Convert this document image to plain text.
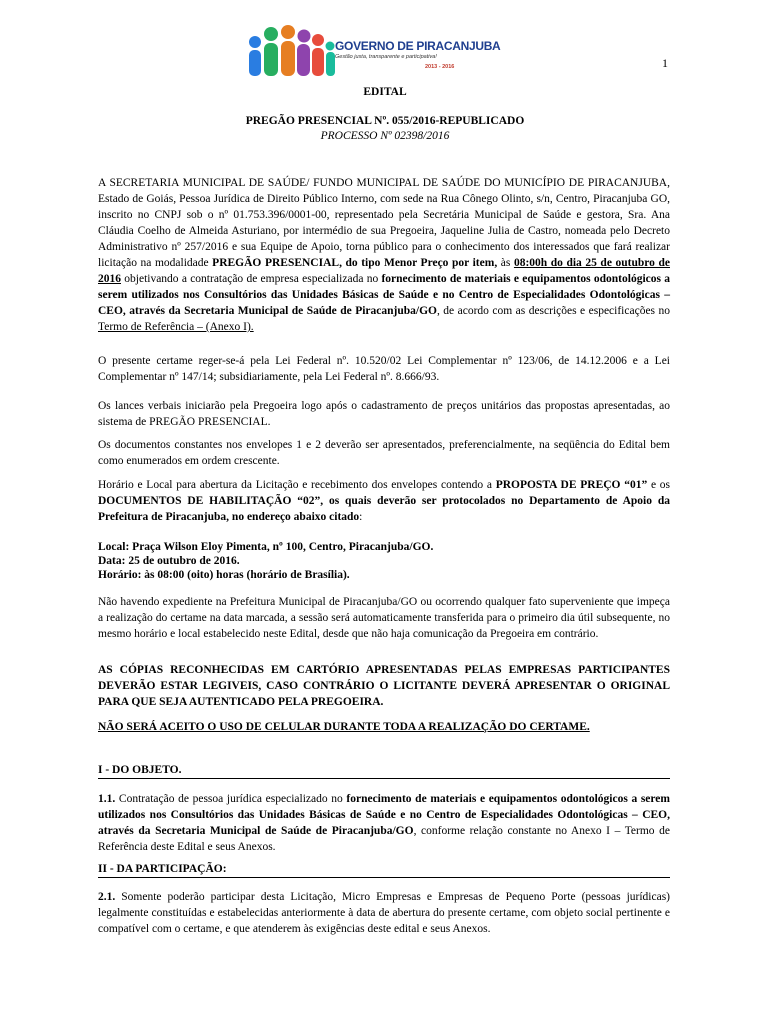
GOVERNO DE PIRACANJUBA
Gestão justa, transparente e participativa!
2013 - 2016	1
EDITAL
PREGÃO PRESENCIAL Nº. 055/2016-REPUBLICADO
PROCESSO Nº 02398/2016
A SECRETARIA MUNICIPAL DE SAÚDE/ FUNDO MUNICIPAL DE SAÚDE DO MUNICÍPIO DE PIRACANJUBA, Estado de Goiás, Pessoa Jurídica de Direito Público Interno, com sede na Rua Cônego Olinto, s/n, Centro, Piracanjuba GO, inscrito no CNPJ sob o nº 01.753.396/0001-00, representado pela Secretária Municipal de Saúde e gestora, Sra. Ana Cláudia Coelho de Almeida Asturiano, por intermédio de sua Pregoeira, Jaqueline Julia de Castro, nomeada pelo Decreto Administrativo nº 257/2016 e sua Equipe de Apoio, torna público para o conhecimento dos interessados que fará realizar licitação na modalidade PREGÃO PRESENCIAL, do tipo Menor Preço por item, às 08:00h do dia 25 de outubro de 2016 objetivando a contratação de empresa especializada no fornecimento de materiais e equipamentos odontológicos a serem utilizados nos Consultórios das Unidades Básicas de Saúde e no Centro de Especialidades Odontológicas – CEO, através da Secretaria Municipal de Saúde de Piracanjuba/GO, de acordo com as descrições e especificações no Termo de Referência – (Anexo I).
O presente certame reger-se-á pela Lei Federal nº. 10.520/02 Lei Complementar nº 123/06, de 14.12.2006 e a Lei Complementar nº 147/14; subsidiariamente, pela Lei Federal nº. 8.666/93.
Os lances verbais iniciarão pela Pregoeira logo após o cadastramento de preços unitários das propostas apresentadas, ao sistema de PREGÃO PRESENCIAL.
Os documentos constantes nos envelopes 1 e 2 deverão ser apresentados, preferencialmente, na seqüência do Edital bem como enumerados em ordem crescente.
Horário e Local para abertura da Licitação e recebimento dos envelopes contendo a PROPOSTA DE PREÇO “01” e os DOCUMENTOS DE HABILITAÇÃO “02”, os quais deverão ser protocolados no Departamento de Apoio da Prefeitura de Piracanjuba, no endereço abaixo citado:
Local: Praça Wilson Eloy Pimenta, nº 100, Centro, Piracanjuba/GO.
Data: 25 de outubro de 2016.
Horário: às 08:00 (oito) horas (horário de Brasília).
Não havendo expediente na Prefeitura Municipal de Piracanjuba/GO ou ocorrendo qualquer fato superveniente que impeça a realização do certame na data marcada, a sessão será automaticamente transferida para o primeiro dia útil subsequente, no mesmo horário e local estabelecido neste Edital, desde que não haja comunicação da Pregoeira em contrário.
AS CÓPIAS RECONHECIDAS EM CARTÓRIO APRESENTADAS PELAS EMPRESAS PARTICIPANTES DEVERÃO ESTAR LEGIVEIS, CASO CONTRÁRIO O LICITANTE DEVERÁ APRESENTAR O ORIGINAL PARA QUE SEJA AUTENTICADO PELA PREGOEIRA.
NÃO SERÁ ACEITO O USO DE CELULAR DURANTE TODA A REALIZAÇÃO DO CERTAME.
I - DO OBJETO.
1.1. Contratação de pessoa jurídica especializado no fornecimento de materiais e equipamentos odontológicos a serem utilizados nos Consultórios das Unidades Básicas de Saúde e no Centro de Especialidades Odontológicas – CEO, através da Secretaria Municipal de Saúde de Piracanjuba/GO, conforme relação constante no Anexo I – Termo de Referência deste Edital e seus Anexos.
II - DA PARTICIPAÇÃO:
2.1. Somente poderão participar desta Licitação, Micro Empresas e Empresas de Pequeno Porte (pessoas jurídicas) legalmente constituídas e estabelecidas anteriormente à data de abertura do presente certame, com objeto social pertinente e compatível com o certame, e que atenderem às exigências deste edital e seus Anexos.
